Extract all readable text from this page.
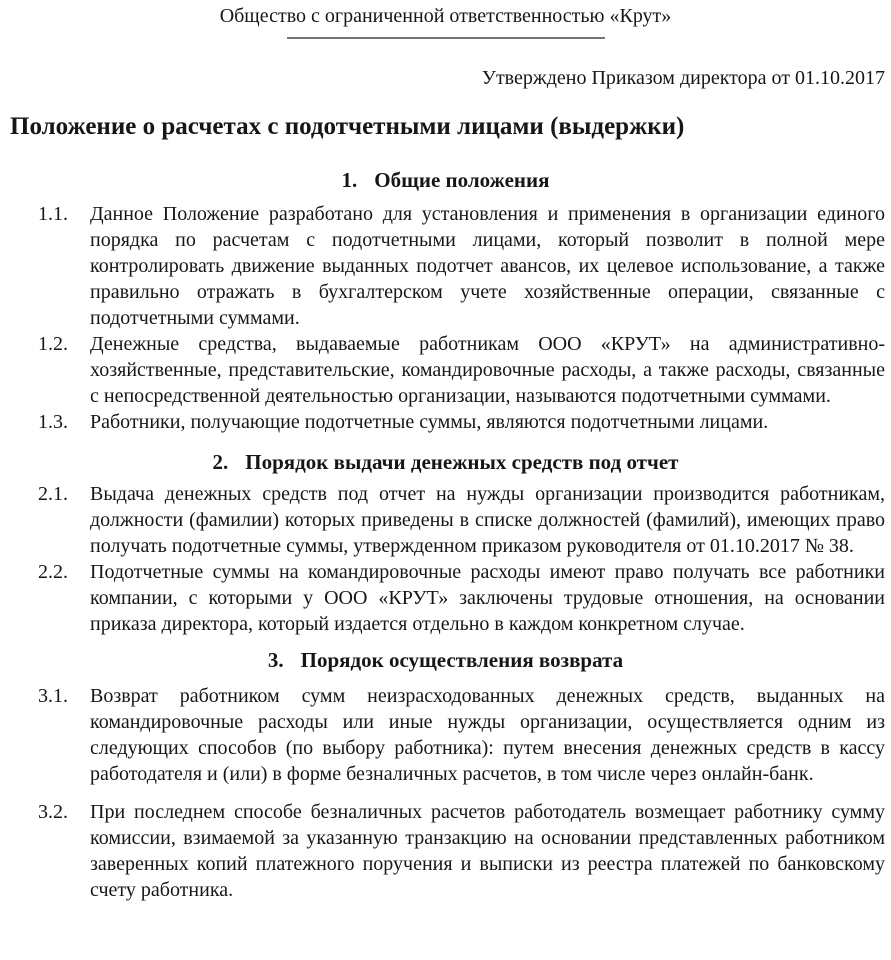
Общество с ограниченной ответственностью «Крут»
Утверждено Приказом директора от 01.10.2017
Положение о расчетах с подотчетными лицами (выдержки)
1. Общие положения
1.1.	Данное Положение разработано для установления и применения в организации единого порядка по расчетам с подотчетными лицами, который позволит в полной мере контролировать движение выданных подотчет авансов, их целевое использование, а также правильно отражать в бухгалтерском учете хозяйственные операции, связанные с подотчетными суммами.
1.2.	Денежные средства, выдаваемые работникам ООО «КРУТ» на административно-хозяйственные, представительские, командировочные расходы, а также расходы, связанные с непосредственной деятельностью организации, называются подотчетными суммами.
1.3.	Работники, получающие подотчетные суммы, являются подотчетными лицами.
2. Порядок выдачи денежных средств под отчет
2.1.	Выдача денежных средств под отчет на нужды организации производится работникам, должности (фамилии) которых приведены в списке должностей (фамилий), имеющих право получать подотчетные суммы, утвержденном приказом руководителя от 01.10.2017 № 38.
2.2.	Подотчетные суммы на командировочные расходы имеют право получать все работники компании, с которыми у ООО «КРУТ» заключены трудовые отношения, на основании приказа директора, который издается отдельно в каждом конкретном случае.
3. Порядок осуществления возврата
3.1.	Возврат работником сумм неизрасходованных денежных средств, выданных на командировочные расходы или иные нужды организации, осуществляется одним из следующих способов (по выбору работника): путем внесения денежных средств в кассу работодателя и (или) в форме безналичных расчетов, в том числе через онлайн-банк.
3.2.	При последнем способе безналичных расчетов работодатель возмещает работнику сумму комиссии, взимаемой за указанную транзакцию на основании представленных работником заверенных копий платежного поручения и выписки из реестра платежей по банковскому счету работника.
